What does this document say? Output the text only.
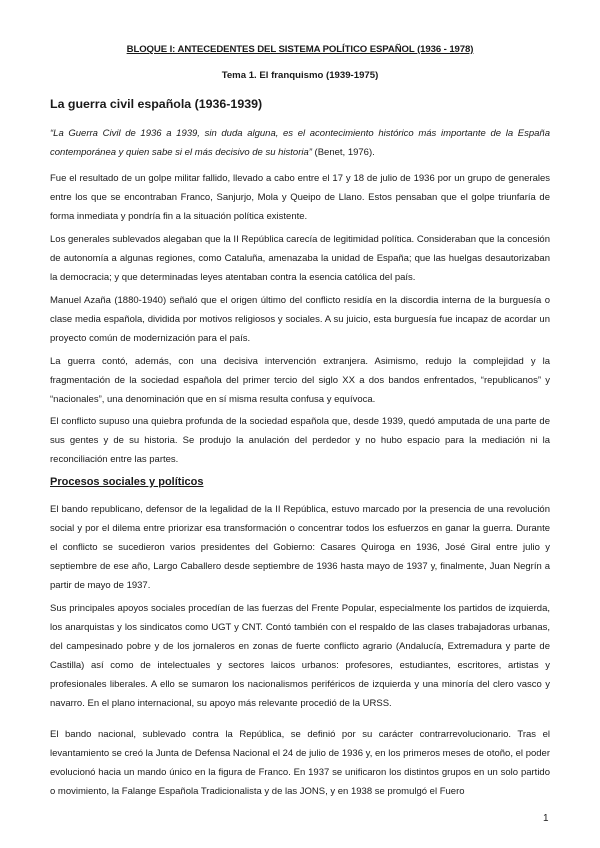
BLOQUE I: ANTECEDENTES DEL SISTEMA POLÍTICO ESPAÑOL (1936 - 1978)
Tema 1. El franquismo (1939-1975)
La guerra civil española (1936-1939)

“La Guerra Civil de 1936 a 1939, sin duda alguna, es el acontecimiento histórico más importante de la España contemporánea y quien sabe si el más decisivo de su historia” (Benet, 1976).

Fue el resultado de un golpe militar fallido, llevado a cabo entre el 17 y 18 de julio de 1936 por un grupo de generales entre los que se encontraban Franco, Sanjurjo, Mola y Queipo de Llano. Estos pensaban que el golpe triunfaría de forma inmediata y pondría fin a la situación política existente.

Los generales sublevados alegaban que la II República carecía de legitimidad política. Consideraban que la concesión de autonomía a algunas regiones, como Cataluña, amenazaba la unidad de España; que las huelgas desautorizaban la democracia; y que determinadas leyes atentaban contra la esencia católica del país.

Manuel Azaña (1880-1940) señaló que el origen último del conflicto residía en la discordia interna de la burguesía o clase media española, dividida por motivos religiosos y sociales. A su juicio, esta burguesía fue incapaz de acordar un proyecto común de modernización para el país.

La guerra contó, además, con una decisiva intervención extranjera. Asimismo, redujo la complejidad y la fragmentación de la sociedad española del primer tercio del siglo XX a dos bandos enfrentados, “republicanos” y “nacionales”, una denominación que en sí misma resulta confusa y equívoca.

El conflicto supuso una quiebra profunda de la sociedad española que, desde 1939, quedó amputada de una parte de sus gentes y de su historia. Se produjo la anulación del perdedor y no hubo espacio para la mediación ni la reconciliación entre las partes.

Procesos sociales y políticos

El bando republicano, defensor de la legalidad de la II República, estuvo marcado por la presencia de una revolución social y por el dilema entre priorizar esa transformación o concentrar todos los esfuerzos en ganar la guerra. Durante el conflicto se sucedieron varios presidentes del Gobierno: Casares Quiroga en 1936, José Giral entre julio y septiembre de ese año, Largo Caballero desde septiembre de 1936 hasta mayo de 1937 y, finalmente, Juan Negrín a partir de mayo de 1937.

Sus principales apoyos sociales procedían de las fuerzas del Frente Popular, especialmente los partidos de izquierda, los anarquistas y los sindicatos como UGT y CNT. Contó también con el respaldo de las clases trabajadoras urbanas, del campesinado pobre y de los jornaleros en zonas de fuerte conflicto agrario (Andalucía, Extremadura y parte de Castilla) así como de intelectuales y sectores laicos urbanos: profesores, estudiantes, escritores, artistas y profesionales liberales. A ello se sumaron los nacionalismos periféricos de izquierda y una minoría del clero vasco y navarro. En el plano internacional, su apoyo más relevante procedió de la URSS.

El bando nacional, sublevado contra la República, se definió por su carácter contrarrevolucionario. Tras el levantamiento se creó la Junta de Defensa Nacional el 24 de julio de 1936 y, en los primeros meses de otoño, el poder evolucionó hacia un mando único en la figura de Franco. En 1937 se unificaron los distintos grupos en un solo partido o movimiento, la Falange Española Tradicionalista y de las JONS, y en 1938 se promulgó el Fuero

1
